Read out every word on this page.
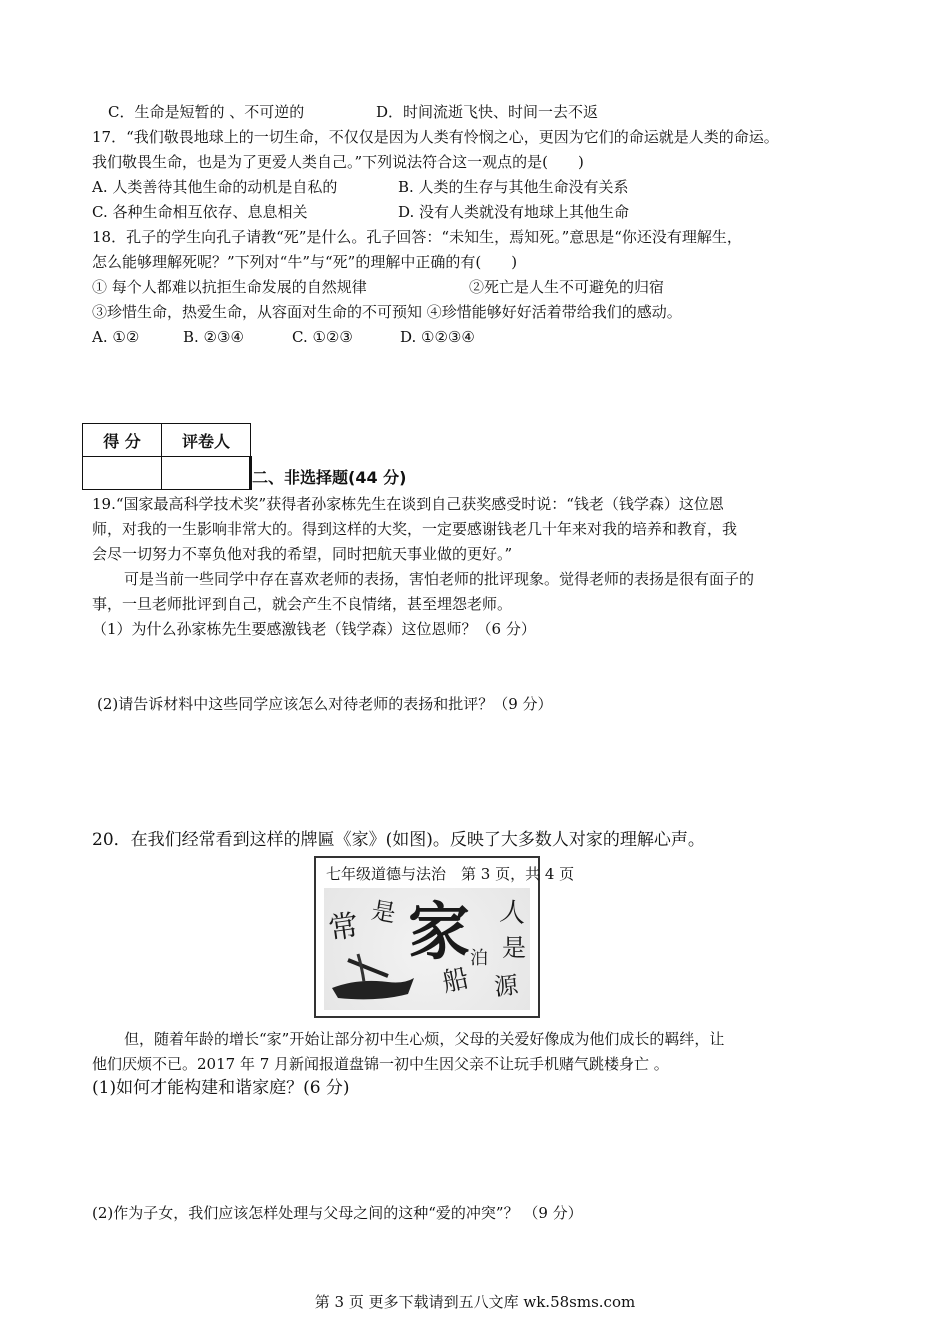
C．生命是短暂的 、不可逆的	D．时间流逝飞快、时间一去不返
17．“我们敬畏地球上的一切生命，不仅仅是因为人类有怜悯之心，更因为它们的命运就是人类的命运。
我们敬畏生命，也是为了更爱人类自己。”下列说法符合这一观点的是(　　)
A. 人类善待其他生命的动机是自私的	B. 人类的生存与其他生命没有关系
C. 各种生命相互依存、息息相关	D. 没有人类就没有地球上其他生命
18．孔子的学生向孔子请教“死”是什么。孔子回答：“未知生，焉知死。”意思是“你还没有理解生，
怎么能够理解死呢？”下列对“牛”与“死”的理解中正确的有(　　)
① 每个人都难以抗拒生命发展的自然规律	②死亡是人生不可避免的归宿
③珍惜生命，热爱生命，从容面对生命的不可预知 ④珍惜能够好好活着带给我们的感动。
A. ①②	B. ②③④	C. ①②③	D. ①②③④
得 分	评卷人

二、非选择题(44 分)
19.“国家最高科学技术奖”获得者孙家栋先生在谈到自己获奖感受时说：“钱老（钱学森）这位恩
师，对我的一生影响非常大的。得到这样的大奖，一定要感谢钱老几十年来对我的培养和教育，我
会尽一切努力不辜负他对我的希望，同时把航天事业做的更好。”
可是当前一些同学中存在喜欢老师的表扬，害怕老师的批评现象。觉得老师的表扬是很有面子的
事，一旦老师批评到自己，就会产生不良情绪，甚至埋怨老师。
（1）为什么孙家栋先生要感激钱老（钱学森）这位恩师？（6 分）
(2)请告诉材料中这些同学应该怎么对待老师的表扬和批评？（9 分）
20．在我们经常看到这样的牌匾《家》(如图)。反映了大多数人对家的理解心声。
七年级道德与法治　第 3 页，共 4 页
常 是 家 人
是
源
船
泊
但，随着年龄的增长“家”开始让部分初中生心烦，父母的关爱好像成为他们成长的羁绊，让
他们厌烦不已。2017 年 7 月新闻报道盘锦一初中生因父亲不让玩手机赌气跳楼身亡 。
(1)如何才能构建和谐家庭？(6 分)
(2)作为子女，我们应该怎样处理与父母之间的这种“爱的冲突”？ （9 分）
第 3 页 更多下载请到五八文库 wk.58sms.com
